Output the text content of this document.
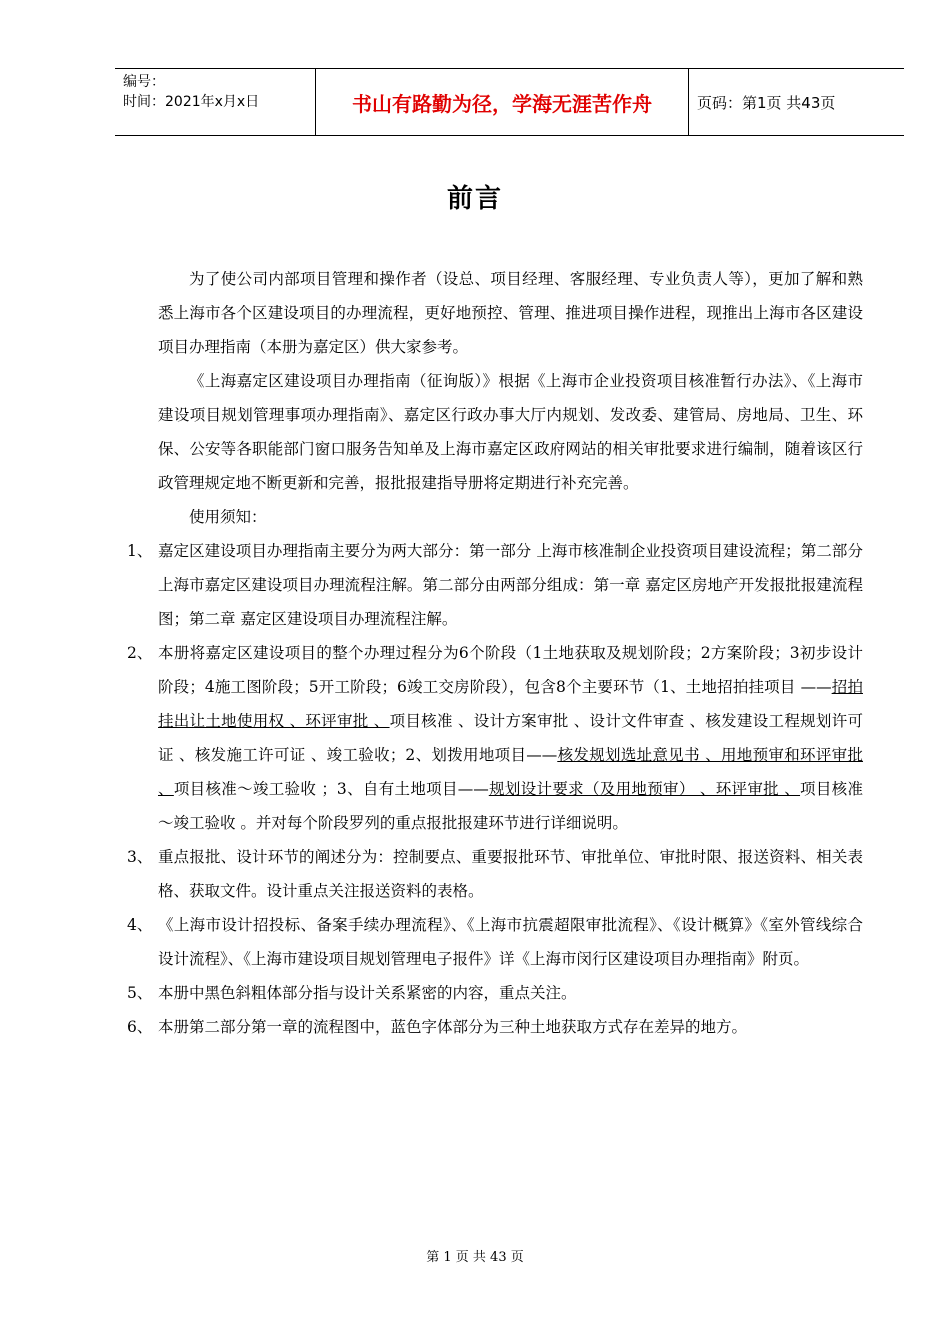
编号：
时间：2021年x月x日	书山有路勤为径，学海无涯苦作舟	页码：第1页 共43页
前言

为了使公司内部项目管理和操作者（设总、项目经理、客服经理、专业负责人等），更加了解和熟悉上海市各个区建设项目的办理流程，更好地预控、管理、推进项目操作进程，现推出上海市各区建设项目办理指南（本册为嘉定区）供大家参考。

《上海嘉定区建设项目办理指南（征询版）》根据《上海市企业投资项目核准暂行办法》、《上海市建设项目规划管理事项办理指南》、嘉定区行政办事大厅内规划、发改委、建管局、房地局、卫生、环保、公安等各职能部门窗口服务告知单及上海市嘉定区政府网站的相关审批要求进行编制，随着该区行政管理规定地不断更新和完善，报批报建指导册将定期进行补充完善。

使用须知：

1、 嘉定区建设项目办理指南主要分为两大部分：第一部分 上海市核准制企业投资项目建设流程；第二部分 上海市嘉定区建设项目办理流程注解。第二部分由两部分组成：第一章 嘉定区房地产开发报批报建流程图；第二章 嘉定区建设项目办理流程注解。
2、 本册将嘉定区建设项目的整个办理过程分为6个阶段（1土地获取及规划阶段；2方案阶段；3初步设计阶段；4施工图阶段；5开工阶段；6竣工交房阶段），包含8个主要环节（1、土地招拍挂项目 ——招拍挂出让土地使用权 、环评审批 、项目核准 、设计方案审批 、设计文件审查 、核发建设工程规划许可证 、核发施工许可证 、竣工验收；2、划拨用地项目——核发规划选址意见书 、用地预审和环评审批 、项目核准～竣工验收 ；3、自有土地项目——规划设计要求（及用地预审） 、环评审批 、项目核准 ～竣工验收 。并对每个阶段罗列的重点报批报建环节进行详细说明。
3、 重点报批、设计环节的阐述分为：控制要点、重要报批环节、审批单位、审批时限、报送资料、相关表格、获取文件。设计重点关注报送资料的表格。
4、 《上海市设计招投标、备案手续办理流程》、《上海市抗震超限审批流程》、《设计概算》《室外管线综合设计流程》、《上海市建设项目规划管理电子报件》详《上海市闵行区建设项目办理指南》附页。
5、 本册中黑色斜粗体部分指与设计关系紧密的内容，重点关注。
6、 本册第二部分第一章的流程图中，蓝色字体部分为三种土地获取方式存在差异的地方。
第 1 页 共 43 页
